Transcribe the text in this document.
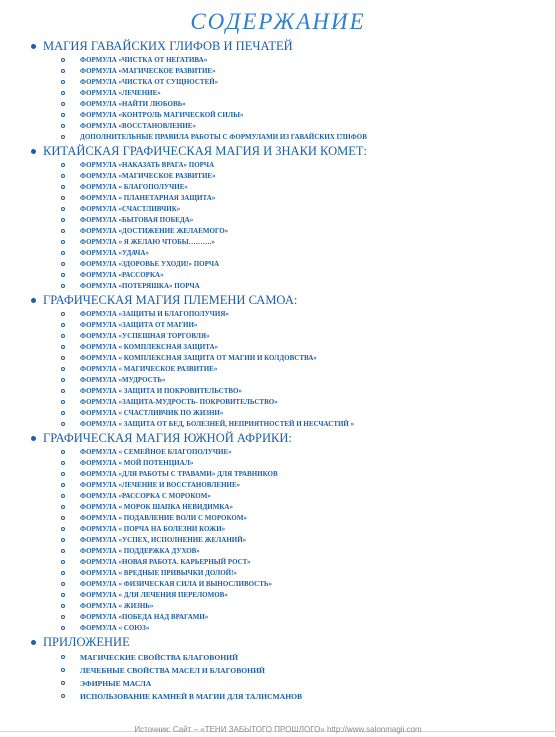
СОДЕРЖАНИЕ
МАГИЯ ГАВАЙСКИХ ГЛИФОВ И ПЕЧАТЕЙ
ФОРМУЛА «ЧИСТКА ОТ НЕГАТИВА»
ФОРМУЛА «МАГИЧЕСКОЕ РАЗВИТИЕ»
ФОРМУЛА «ЧИСТКА ОТ СУЩНОСТЕЙ»
ФОРМУЛА «ЛЕЧЕНИЕ»
ФОРМУЛА «НАЙТИ ЛЮБОВЬ»
ФОРМУЛА «КОНТРОЛЬ МАГИЧЕСКОЙ СИЛЫ»
ФОРМУЛА «ВОССТАНОВЛЕНИЕ»
ДОПОЛНИТЕЛЬНЫЕ ПРАВИЛА РАБОТЫ С ФОРМУЛАМИ ИЗ ГАВАЙСКИХ ГЛИФОВ
КИТАЙСКАЯ ГРАФИЧЕСКАЯ МАГИЯ И ЗНАКИ КОМЕТ:
ФОРМУЛА «НАКАЗАТЬ ВРАГА» ПОРЧА
ФОРМУЛА «МАГИЧЕСКОЕ РАЗВИТИЕ»
ФОРМУЛА « БЛАГОПОЛУЧИЕ»
ФОРМУЛА « ПЛАНЕТАРНАЯ ЗАЩИТА»
ФОРМУЛА «СЧАСТЛИВЧИК»
ФОРМУЛА «БЫТОВАЯ ПОБЕДА»
ФОРМУЛА «ДОСТИЖЕНИЕ ЖЕЛАЕМОГО»
ФОРМУЛА « Я ЖЕЛАЮ ЧТОБЫ……….»
ФОРМУЛА «УДАЧА»
ФОРМУЛА «ЗДОРОВЬЕ УХОДИ!» ПОРЧА
ФОРМУЛА «РАССОРКА»
ФОРМУЛА «ПОТЕРЯШКА» ПОРЧА
ГРАФИЧЕСКАЯ МАГИЯ ПЛЕМЕНИ САМОА:
ФОРМУЛА «ЗАЩИТЫ И БЛАГОПОЛУЧИЯ»
ФОРМУЛА «ЗАЩИТА ОТ МАГИИ»
ФОРМУЛА «УСПЕШНАЯ ТОРГОВЛЯ»
ФОРМУЛА « КОМПЛЕКСНАЯ ЗАЩИТА»
ФОРМУЛА « КОМПЛЕКСНАЯ ЗАЩИТА ОТ МАГИИ И КОЛДОВСТВА»
ФОРМУЛА « МАГИЧЕСКОЕ РАЗВИТИЕ»
ФОРМУЛА «МУДРОСТЬ»
ФОРМУЛА « ЗАЩИТА И ПОКРОВИТЕЛЬСТВО»
ФОРМУЛА «ЗАЩИТА-МУДРОСТЬ- ПОКРОВИТЕЛЬСТВО»
ФОРМУЛА « СЧАСТЛИВЧИК ПО ЖИЗНИ»
ФОРМУЛА « ЗАЩИТА ОТ БЕД, БОЛЕЗНЕЙ, НЕПРИЯТНОСТЕЙ И НЕСЧАСТИЙ »
ГРАФИЧЕСКАЯ МАГИЯ ЮЖНОЙ АФРИКИ:
ФОРМУЛА « СЕМЕЙНОЕ БЛАГОПОЛУЧИЕ»
ФОРМУЛА « МОЙ ПОТЕНЦИАЛ»
ФОРМУЛА «ДЛЯ РАБОТЫ С ТРАВАМИ» ДЛЯ ТРАВНИКОВ
ФОРМУЛА «ЛЕЧЕНИЕ И ВОССТАНОВЛЕНИЕ»
ФОРМУЛА «РАССОРКА С МОРОКОМ»
ФОРМУЛА « МОРОК ШАПКА НЕВИДИМКА»
ФОРМУЛА « ПОДАВЛЕНИЕ ВОЛИ С МОРОКОМ»
ФОРМУЛА « ПОРЧА НА БОЛЕЗНИ КОЖИ»
ФОРМУЛА «УСПЕХ, ИСПОЛНЕНИЕ ЖЕЛАНИЙ»
ФОРМУЛА « ПОДДЕРЖКА ДУХОВ»
ФОРМУЛА «НОВАЯ РАБОТА. КАРЬЕРНЫЙ РОСТ»
ФОРМУЛА « ВРЕДНЫЕ ПРИВЫЧКИ ДОЛОЙ!»
ФОРМУЛА « ФИЗИЧЕСКАЯ СИЛА И ВЫНОСЛИВОСТЬ»
ФОРМУЛА « ДЛЯ ЛЕЧЕНИЯ ПЕРЕЛОМОВ»
ФОРМУЛА « ЖИЗНЬ»
ФОРМУЛА «ПОБЕДА НАД ВРАГАМИ»
ФОРМУЛА « СОЮЗ»
ПРИЛОЖЕНИЕ
МАГИЧЕСКИЕ СВОЙСТВА БЛАГОВОНИЙ
ЛЕЧЕБНЫЕ СВОЙСТВА МАСЕЛ И БЛАГОВОНИЙ
ЭФИРНЫЕ МАСЛА
ИСПОЛЬЗОВАНИЕ КАМНЕЙ В МАГИИ ДЛЯ ТАЛИСМАНОВ
Источник: Сайт – «ТЕНИ ЗАБЫТОГО ПРОШЛОГО» http://www.salonmagii.com
